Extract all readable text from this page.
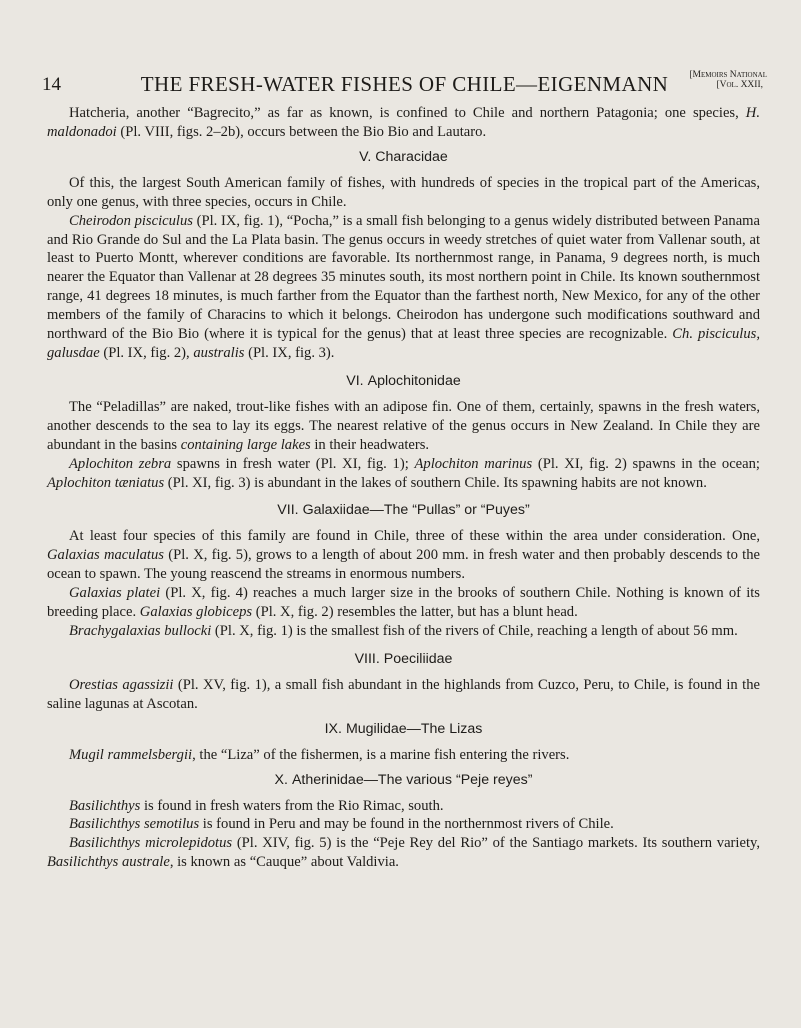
14	THE FRESH-WATER FISHES OF CHILE—EIGENMANN	[Memoirs National
[Vol. XXII,

Hatcheria, another “Bagrecito,” as far as known, is confined to Chile and northern Patagonia; one species, H. maldonadoi (Pl. VIII, figs. 2–2b), occurs between the Bio Bio and Lautaro.

V. Characidae

Of this, the largest South American family of fishes, with hundreds of species in the tropical part of the Americas, only one genus, with three species, occurs in Chile.

Cheirodon pisciculus (Pl. IX, fig. 1), “Pocha,” is a small fish belonging to a genus widely distributed between Panama and Rio Grande do Sul and the La Plata basin. The genus occurs in weedy stretches of quiet water from Vallenar south, at least to Puerto Montt, wherever conditions are favorable. Its northernmost range, in Panama, 9 degrees north, is much nearer the Equator than Vallenar at 28 degrees 35 minutes south, its most northern point in Chile. Its known southernmost range, 41 degrees 18 minutes, is much farther from the Equator than the farthest north, New Mexico, for any of the other members of the family of Characins to which it belongs. Cheirodon has undergone such modifications southward and northward of the Bio Bio (where it is typical for the genus) that at least three species are recognizable. Ch. pisciculus, galusdae (Pl. IX, fig. 2), australis (Pl. IX, fig. 3).

VI. Aplochitonidae

The “Peladillas” are naked, trout-like fishes with an adipose fin. One of them, certainly, spawns in the fresh waters, another descends to the sea to lay its eggs. The nearest relative of the genus occurs in New Zealand. In Chile they are abundant in the basins containing large lakes in their headwaters.

Aplochiton zebra spawns in fresh water (Pl. XI, fig. 1); Aplochiton marinus (Pl. XI, fig. 2) spawns in the ocean; Aplochiton tæniatus (Pl. XI, fig. 3) is abundant in the lakes of southern Chile. Its spawning habits are not known.

VII. Galaxiidae—The “Pullas” or “Puyes”

At least four species of this family are found in Chile, three of these within the area under consideration. One, Galaxias maculatus (Pl. X, fig. 5), grows to a length of about 200 mm. in fresh water and then probably descends to the ocean to spawn. The young reascend the streams in enormous numbers.

Galaxias platei (Pl. X, fig. 4) reaches a much larger size in the brooks of southern Chile. Nothing is known of its breeding place. Galaxias globiceps (Pl. X, fig. 2) resembles the latter, but has a blunt head.

Brachygalaxias bullocki (Pl. X, fig. 1) is the smallest fish of the rivers of Chile, reaching a length of about 56 mm.

VIII. Poeciliidae

Orestias agassizii (Pl. XV, fig. 1), a small fish abundant in the highlands from Cuzco, Peru, to Chile, is found in the saline lagunas at Ascotan.

IX. Mugilidae—The Lizas

Mugil rammelsbergii, the “Liza” of the fishermen, is a marine fish entering the rivers.

X. Atherinidae—The various “Peje reyes”

Basilichthys is found in fresh waters from the Rio Rimac, south.

Basilichthys semotilus is found in Peru and may be found in the northernmost rivers of Chile.

Basilichthys microlepidotus (Pl. XIV, fig. 5) is the “Peje Rey del Rio” of the Santiago markets. Its southern variety, Basilichthys australe, is known as “Cauque” about Valdivia.
